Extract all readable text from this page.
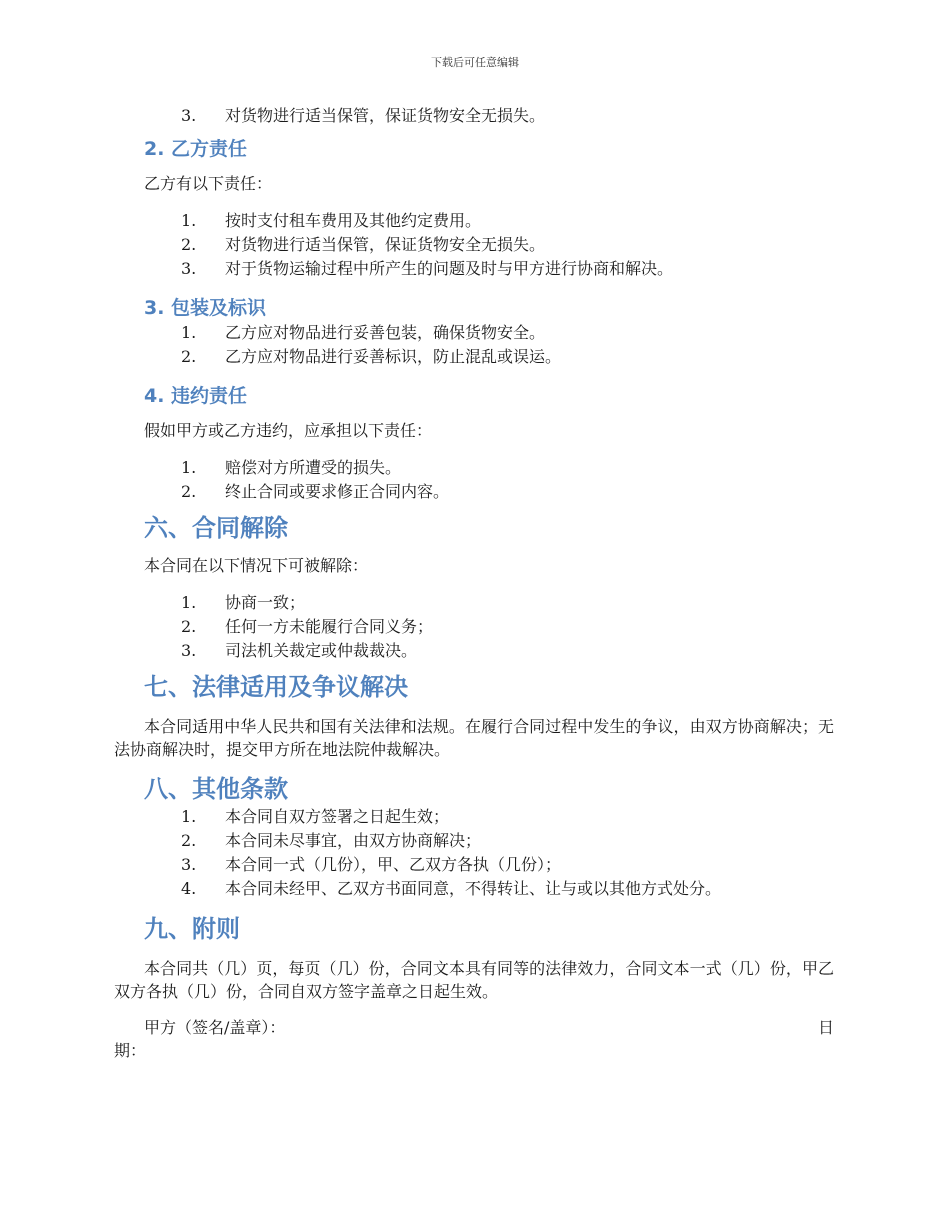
下载后可任意编辑
3. 对货物进行适当保管，保证货物安全无损失。
2. 乙方责任
乙方有以下责任：
1. 按时支付租车费用及其他约定费用。
2. 对货物进行适当保管，保证货物安全无损失。
3. 对于货物运输过程中所产生的问题及时与甲方进行协商和解决。
3. 包装及标识
1. 乙方应对物品进行妥善包装，确保货物安全。
2. 乙方应对物品进行妥善标识，防止混乱或误运。
4. 违约责任
假如甲方或乙方违约，应承担以下责任：
1. 赔偿对方所遭受的损失。
2. 终止合同或要求修正合同内容。
六、合同解除
本合同在以下情况下可被解除：
1. 协商一致；
2. 任何一方未能履行合同义务；
3. 司法机关裁定或仲裁裁决。
七、法律适用及争议解决
本合同适用中华人民共和国有关法律和法规。在履行合同过程中发生的争议，由双方协商解决；无法协商解决时，提交甲方所在地法院仲裁解决。
八、其他条款
1. 本合同自双方签署之日起生效；
2. 本合同未尽事宜，由双方协商解决；
3. 本合同一式（几份），甲、乙双方各执（几份）；
4. 本合同未经甲、乙双方书面同意，不得转让、让与或以其他方式处分。
九、附则
本合同共（几）页，每页（几）份，合同文本具有同等的法律效力，合同文本一式（几）份，甲乙双方各执（几）份，合同自双方签字盖章之日起生效。
甲方（签名/盖章）：	日
期：
